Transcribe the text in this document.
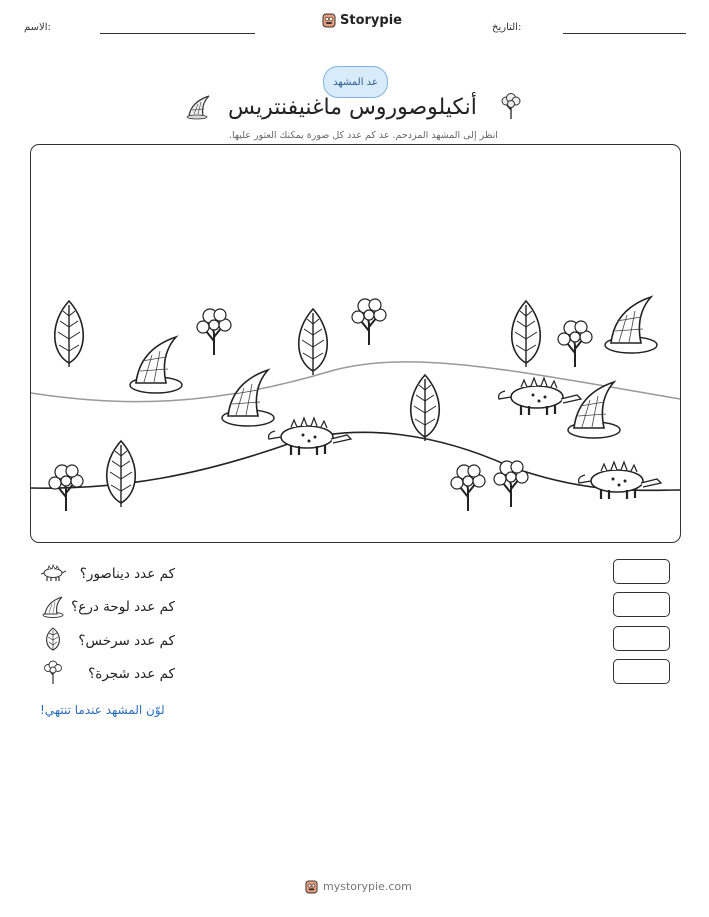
الاسم:	التاريخ:
Storypie
عد المشهد
أنكيلوصوروس ماغنيفنتريس
انظر إلى المشهد المزدحم. عد كم عدد كل صورة يمكنك العثور عليها.
كم عدد ديناصور؟
كم عدد لوحة درع؟
كم عدد سرخس؟
كم عدد شجرة؟
لوّن المشهد عندما تنتهي!
mystorypie.com
